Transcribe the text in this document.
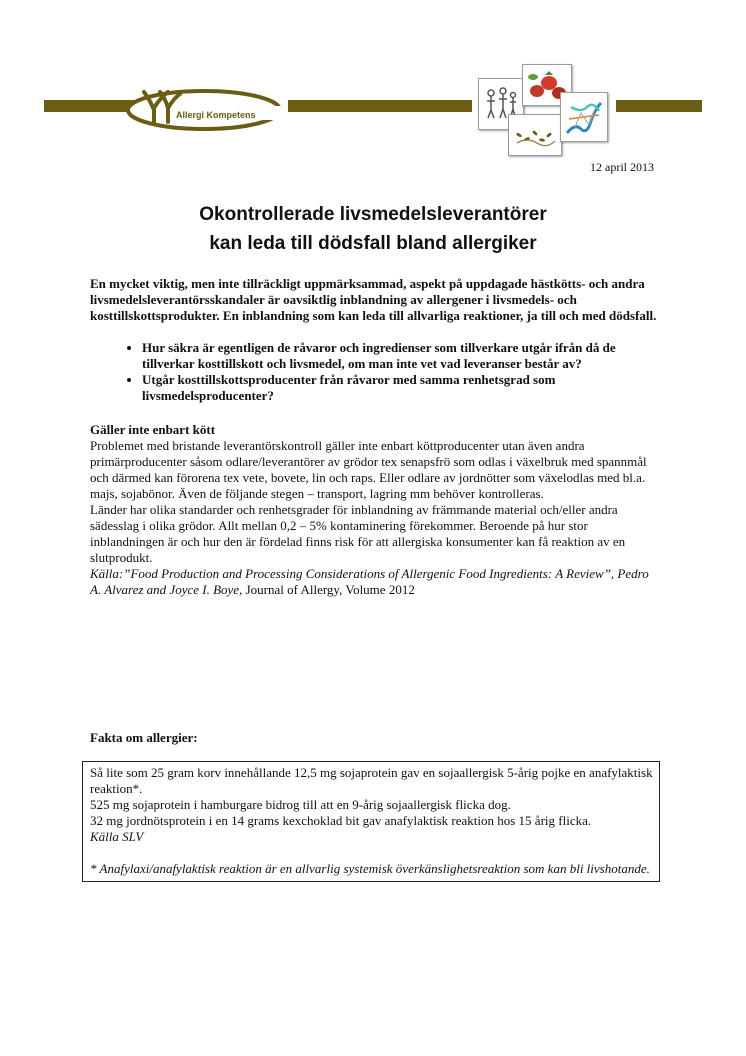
Allergi Kompetens
12 april 2013
Okontrollerade livsmedelsleverantörer
kan leda till dödsfall bland allergiker

En mycket viktig, men inte tillräckligt uppmärksammad, aspekt på uppdagade hästkötts- och andra livsmedelsleverantörsskandaler är oavsiktlig inblandning av allergener i livsmedels- och kosttillskottsprodukter. En inblandning som kan leda till allvarliga reaktioner, ja till och med dödsfall.

• Hur säkra är egentligen de råvaror och ingredienser som tillverkare utgår ifrån då de tillverkar kosttillskott och livsmedel, om man inte vet vad leveranser består av?
• Utgår kosttillskottsproducenter från råvaror med samma renhetsgrad som livsmedelsproducenter?

Gäller inte enbart kött

Problemet med bristande leverantörskontroll gäller inte enbart köttproducenter utan även andra primärproducenter såsom odlare/leverantörer av grödor tex senapsfrö som odlas i växelbruk med spannmål och därmed kan förorena tex vete, bovete, lin och raps. Eller odlare av jordnötter som växelodlas med bl.a. majs, sojabönor. Även de följande stegen – transport, lagring mm behöver kontrolleras.

Länder har olika standarder och renhetsgrader för inblandning av främmande material och/eller andra sädesslag i olika grödor. Allt mellan 0,2 – 5% kontaminering förekommer. Beroende på hur stor inblandningen är och hur den är fördelad finns risk för att allergiska konsumenter kan få reaktion av en slutprodukt.

Källa:”Food Production and Processing Considerations of Allergenic Food Ingredients: A Review”, Pedro A. Alvarez and Joyce I. Boye, Journal of Allergy, Volume 2012

Fakta om allergier:

Så lite som 25 gram korv innehållande 12,5 mg sojaprotein gav en sojaallergisk 5-årig pojke en anafylaktisk reaktion*.

525 mg sojaprotein i hamburgare bidrog till att en 9-årig sojaallergisk flicka dog.

32 mg jordnötsprotein i en 14 grams kexchoklad bit gav anafylaktisk reaktion hos 15 årig flicka.

Källa SLV

* Anafylaxi/anafylaktisk reaktion är en allvarlig systemisk överkänslighetsreaktion som kan bli livshotande.
